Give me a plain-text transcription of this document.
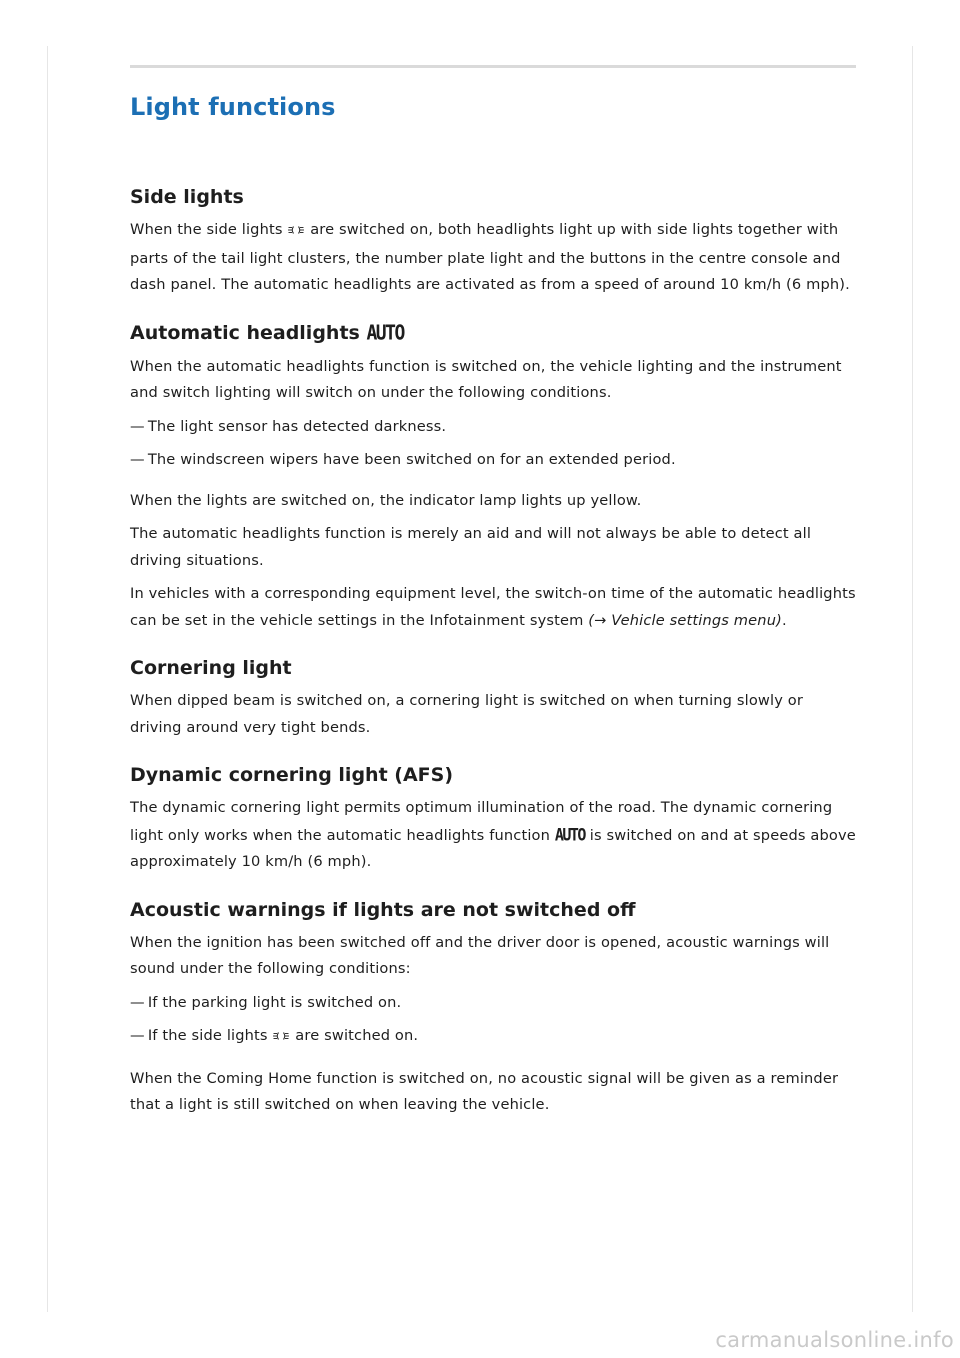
Light functions
Side lights

When the side lights are switched on, both headlights light up with side lights together with parts of the tail light clusters, the number plate light and the buttons in the centre console and dash panel. The automatic headlights are activated as from a speed of around 10 km/h (6 mph).

Automatic headlights AUTO

When the automatic headlights function is switched on, the vehicle lighting and the instrument and switch lighting will switch on under the following conditions.

— The light sensor has detected darkness.

— The windscreen wipers have been switched on for an extended period.

When the lights are switched on, the indicator lamp lights up yellow.

The automatic headlights function is merely an aid and will not always be able to detect all driving situations.

In vehicles with a corresponding equipment level, the switch-on time of the automatic headlights can be set in the vehicle settings in the Infotainment system (→ Vehicle settings menu).

Cornering light

When dipped beam is switched on, a cornering light is switched on when turning slowly or driving around very tight bends.

Dynamic cornering light (AFS)

The dynamic cornering light permits optimum illumination of the road. The dynamic cornering light only works when the automatic headlights function AUTO is switched on and at speeds above approximately 10 km/h (6 mph).

Acoustic warnings if lights are not switched off

When the ignition has been switched off and the driver door is opened, acoustic warnings will sound under the following conditions:

— If the parking light is switched on.

— If the side lights are switched on.

When the Coming Home function is switched on, no acoustic signal will be given as a reminder that a light is still switched on when leaving the vehicle.

carmanualsonline.info
